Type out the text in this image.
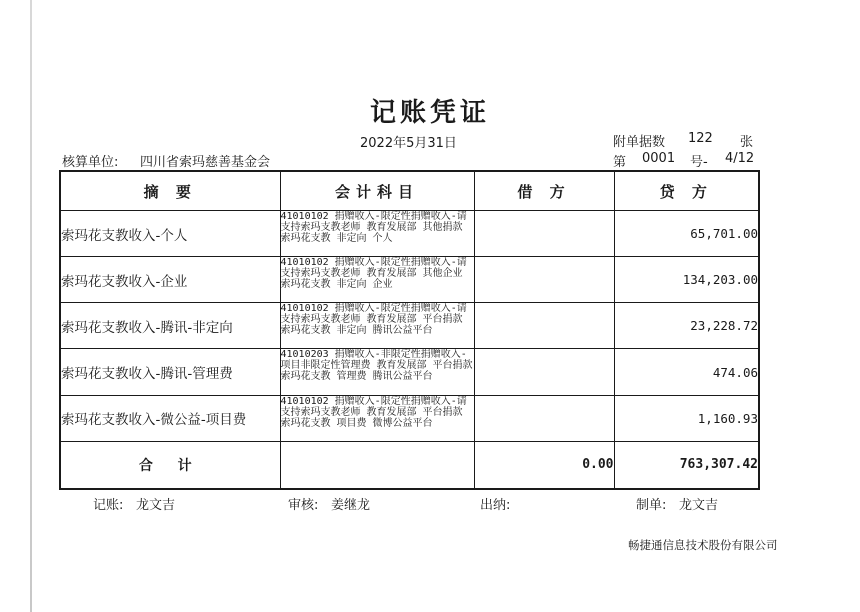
记账凭证
2022年5月31日	附单据数 122 张
核算单位: 四川省索玛慈善基金会	第 0001 号- 4/12
摘 要	会计科目	借 方	贷 方
索玛花支教收入-个人	41010102 捐赠收入-限定性捐赠收入-请支持索玛支教老师 教育发展部 其他捐款 索玛花支教 非定向 个人		65,701.00
索玛花支教收入-企业	41010102 捐赠收入-限定性捐赠收入-请支持索玛支教老师 教育发展部 其他企业 索玛花支教 非定向 企业		134,203.00
索玛花支教收入-腾讯-非定向	41010102 捐赠收入-限定性捐赠收入-请支持索玛支教老师 教育发展部 平台捐款 索玛花支教 非定向 腾讯公益平台		23,228.72
索玛花支教收入-腾讯-管理费	41010203 捐赠收入-非限定性捐赠收入-项目非限定性管理费 教育发展部 平台捐款 索玛花支教 管理费 腾讯公益平台		474.06
索玛花支教收入-微公益-项目费	41010102 捐赠收入-限定性捐赠收入-请支持索玛支教老师 教育发展部 平台捐款 索玛花支教 项目费 微博公益平台		1,160.93
合 计		0.00	763,307.42
记账: 龙文吉	审核: 姜继龙	出纳:	制单: 龙文吉
畅捷通信息技术股份有限公司
